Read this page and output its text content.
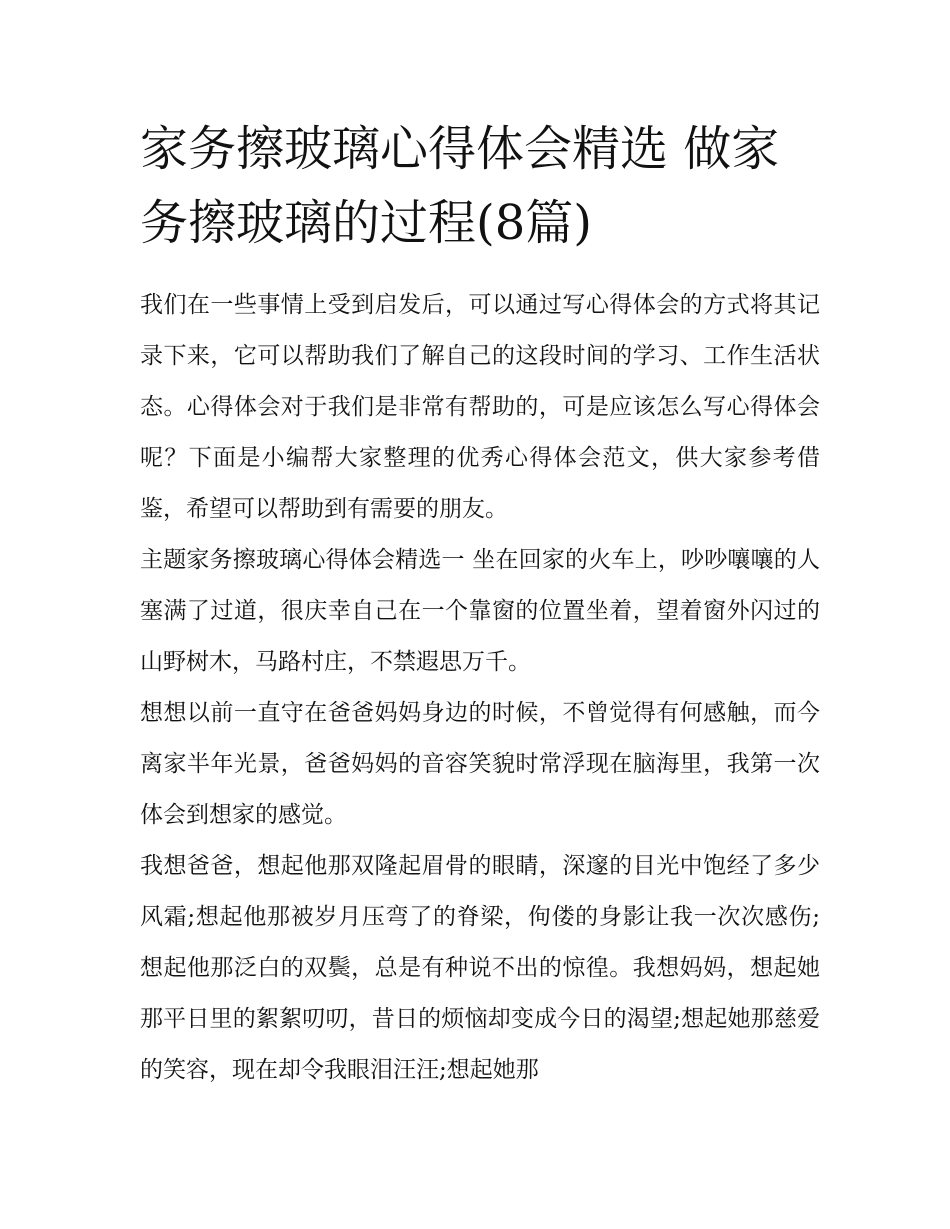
家务擦玻璃心得体会精选 做家务擦玻璃的过程(8篇)

我们在一些事情上受到启发后，可以通过写心得体会的方式将其记录下来，它可以帮助我们了解自己的这段时间的学习、工作生活状态。心得体会对于我们是非常有帮助的，可是应该怎么写心得体会呢？下面是小编帮大家整理的优秀心得体会范文，供大家参考借鉴，希望可以帮助到有需要的朋友。

主题家务擦玻璃心得体会精选一 坐在回家的火车上，吵吵嚷嚷的人塞满了过道，很庆幸自己在一个靠窗的位置坐着，望着窗外闪过的山野树木，马路村庄，不禁遐思万千。

想想以前一直守在爸爸妈妈身边的时候，不曾觉得有何感触，而今离家半年光景，爸爸妈妈的音容笑貌时常浮现在脑海里，我第一次体会到想家的感觉。

我想爸爸，想起他那双隆起眉骨的眼睛，深邃的目光中饱经了多少风霜;想起他那被岁月压弯了的脊梁，佝偻的身影让我一次次感伤;想起他那泛白的双鬓，总是有种说不出的惊徨。我想妈妈，想起她那平日里的絮絮叨叨，昔日的烦恼却变成今日的渴望;想起她那慈爱的笑容，现在却令我眼泪汪汪;想起她那
